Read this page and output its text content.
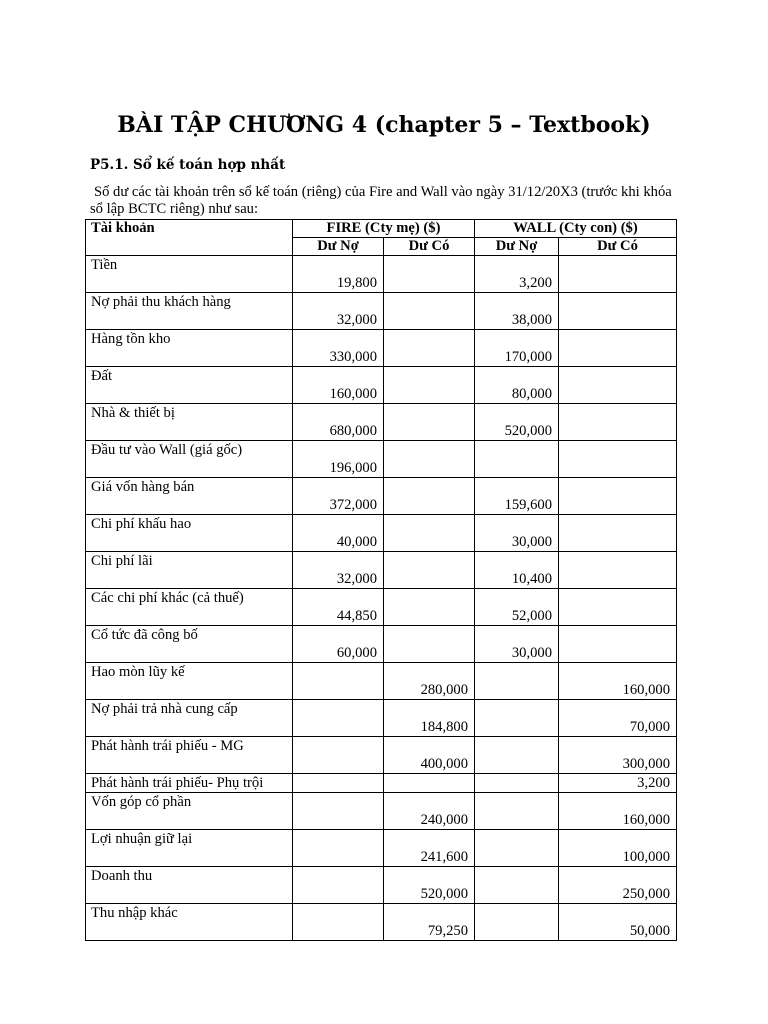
BÀI TẬP CHƯƠNG 4 (chapter 5 – Textbook)
P5.1. Sổ kế toán hợp nhất
Số dư các tài khoản trên sổ kế toán (riêng) của Fire and Wall vào ngày 31/12/20X3 (trước khi khóa
sổ lập BCTC riêng) như sau:
Tài khoản	FIRE (Cty mẹ) ($)		WALL (Cty con) ($)	
	Dư Nợ	Dư Có	Dư Nợ	Dư Có
Tiền	19,800		3,200	
Nợ phải thu khách hàng	32,000		38,000	
Hàng tồn kho	330,000		170,000	
Đất	160,000		80,000	
Nhà & thiết bị	680,000		520,000	
Đầu tư vào Wall (giá gốc)	196,000			
Giá vốn hàng bán	372,000		159,600	
Chi phí khấu hao	40,000		30,000	
Chi phí lãi	32,000		10,400	
Các chi phí khác (cả thuế)	44,850		52,000	
Cổ tức đã công bố	60,000		30,000	
Hao mòn lũy kế		280,000		160,000
Nợ phải trả nhà cung cấp		184,800		70,000
Phát hành trái phiếu - MG		400,000		300,000
Phát hành trái phiếu- Phụ trội				3,200
Vốn góp cổ phần		240,000		160,000
Lợi nhuận giữ lại		241,600		100,000
Doanh thu		520,000		250,000
Thu nhập khác		79,250		50,000
